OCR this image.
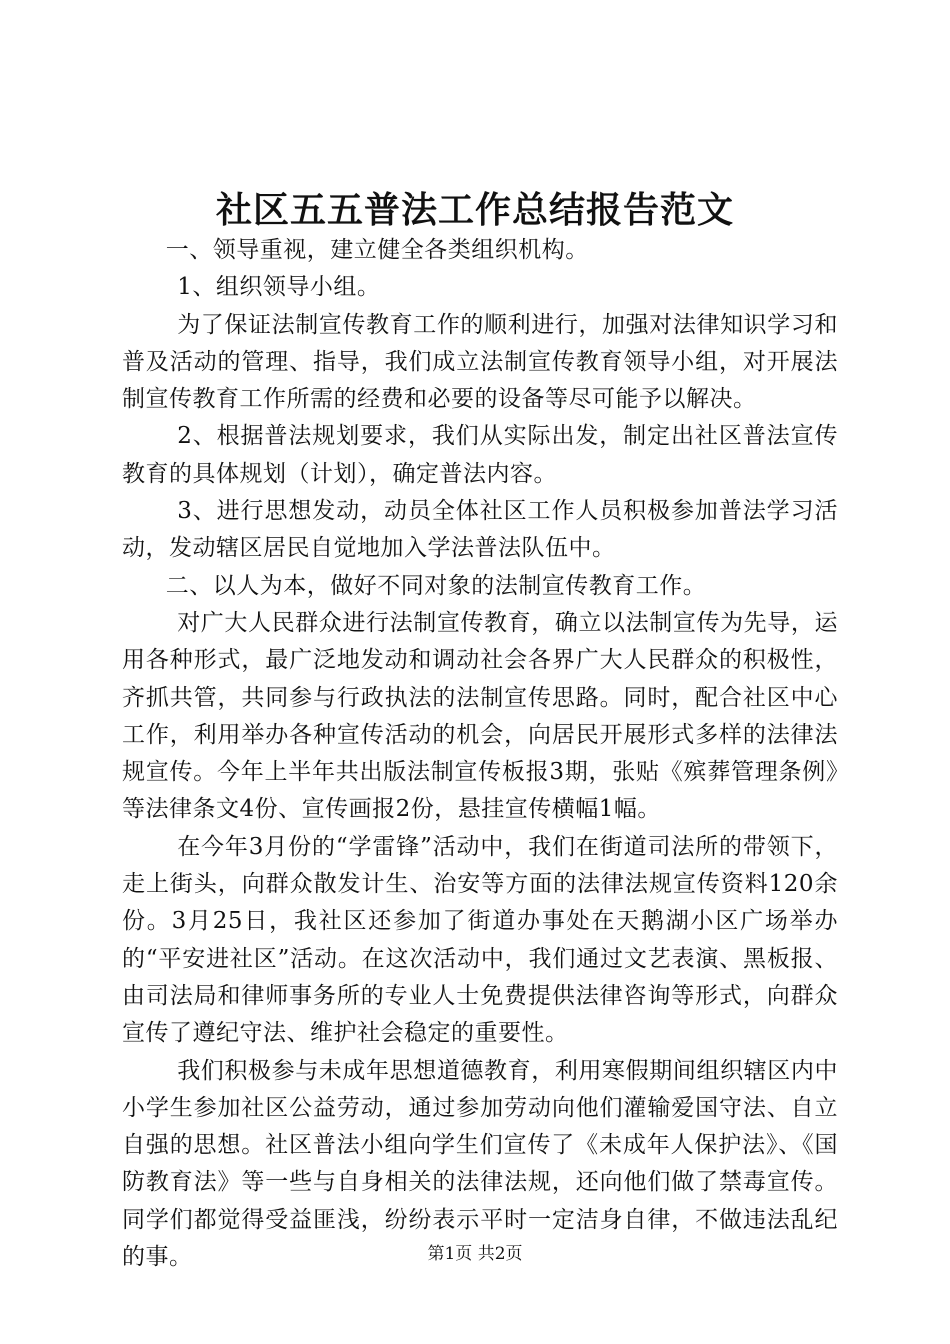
社区五五普法工作总结报告范文

一、领导重视，建立健全各类组织机构。

1、组织领导小组。

为了保证法制宣传教育工作的顺利进行，加强对法律知识学习和普及活动的管理、指导，我们成立法制宣传教育领导小组，对开展法制宣传教育工作所需的经费和必要的设备等尽可能予以解决。

2、根据普法规划要求，我们从实际出发，制定出社区普法宣传教育的具体规划（计划），确定普法内容。

3、进行思想发动，动员全体社区工作人员积极参加普法学习活动，发动辖区居民自觉地加入学法普法队伍中。

二、以人为本，做好不同对象的法制宣传教育工作。

对广大人民群众进行法制宣传教育，确立以法制宣传为先导，运用各种形式，最广泛地发动和调动社会各界广大人民群众的积极性，齐抓共管，共同参与行政执法的法制宣传思路。同时，配合社区中心工作，利用举办各种宣传活动的机会，向居民开展形式多样的法律法规宣传。今年上半年共出版法制宣传板报3期，张贴《殡葬管理条例》等法律条文4份、宣传画报2份，悬挂宣传横幅1幅。

在今年3月份的“学雷锋”活动中，我们在街道司法所的带领下，走上街头，向群众散发计生、治安等方面的法律法规宣传资料120余份。3月25日，我社区还参加了街道办事处在天鹅湖小区广场举办的“平安进社区”活动。在这次活动中，我们通过文艺表演、黑板报、由司法局和律师事务所的专业人士免费提供法律咨询等形式，向群众宣传了遵纪守法、维护社会稳定的重要性。

我们积极参与未成年思想道德教育，利用寒假期间组织辖区内中小学生参加社区公益劳动，通过参加劳动向他们灌输爱国守法、自立自强的思想。社区普法小组向学生们宣传了《未成年人保护法》、《国防教育法》等一些与自身相关的法律法规，还向他们做了禁毒宣传。同学们都觉得受益匪浅，纷纷表示平时一定洁身自律，不做违法乱纪的事。	第1页 共2页
